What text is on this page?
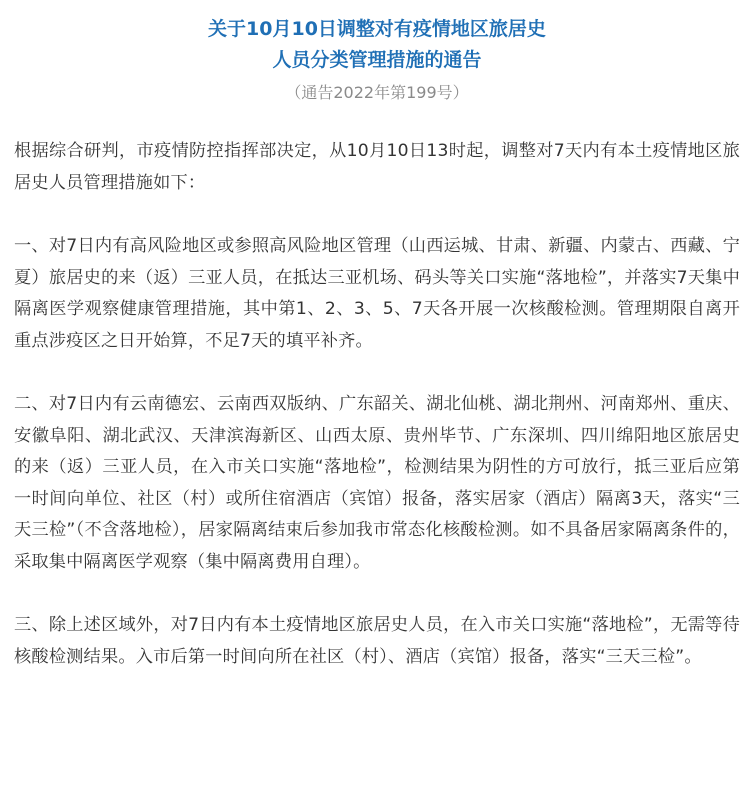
关于10月10日调整对有疫情地区旅居史
人员分类管理措施的通告
（通告2022年第199号）

根据综合研判，市疫情防控指挥部决定，从10月10日13时起，调整对7天内有本土疫情地区旅居史人员管理措施如下：

一、对7日内有高风险地区或参照高风险地区管理（山西运城、甘肃、新疆、内蒙古、西藏、宁夏）旅居史的来（返）三亚人员，在抵达三亚机场、码头等关口实施“落地检”，并落实7天集中隔离医学观察健康管理措施，其中第1、2、3、5、7天各开展一次核酸检测。管理期限自离开重点涉疫区之日开始算，不足7天的填平补齐。

二、对7日内有云南德宏、云南西双版纳、广东韶关、湖北仙桃、湖北荆州、河南郑州、重庆、安徽阜阳、湖北武汉、天津滨海新区、山西太原、贵州毕节、广东深圳、四川绵阳地区旅居史的来（返）三亚人员，在入市关口实施“落地检”，检测结果为阴性的方可放行，抵三亚后应第一时间向单位、社区（村）或所住宿酒店（宾馆）报备，落实居家（酒店）隔离3天，落实“三天三检”（不含落地检），居家隔离结束后参加我市常态化核酸检测。如不具备居家隔离条件的，采取集中隔离医学观察（集中隔离费用自理）。

三、除上述区域外，对7日内有本土疫情地区旅居史人员，在入市关口实施“落地检”，无需等待核酸检测结果。入市后第一时间向所在社区（村）、酒店（宾馆）报备，落实“三天三检”。
